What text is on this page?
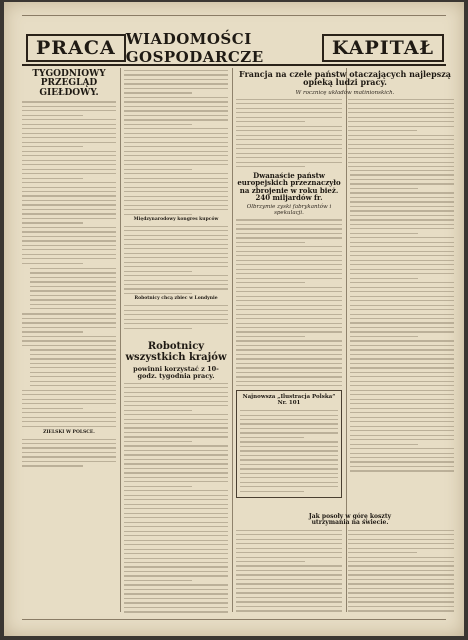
PRACA WIADOMOŚCI GOSPODARCZE	KAPITAŁ
TYGODNIOWY PRZEGLĄD GIEŁDOWY.
ZIELSKI W POLSCE.
Międzynarodowy kongres kupców
Robotnicy chcą zbiec w Londynie
Robotnicy wszystkich krajów
powinni korzystać z 10-godz. tygodnia pracy.
Francja na czele państw otaczających najlepszą opieką ludzi pracy.
W rocznicę układów matinionskich.
Dwanaście państw europejskich przeznaczyło na zbrojenie w roku bież. 240 miljardów fr.
Olbrzymie zyski fabrykantów i spekulacji.
Najnowsza „Ilustracja Polska” Nr. 101
Jak posoły w górę koszty utrzymania na świecie.
